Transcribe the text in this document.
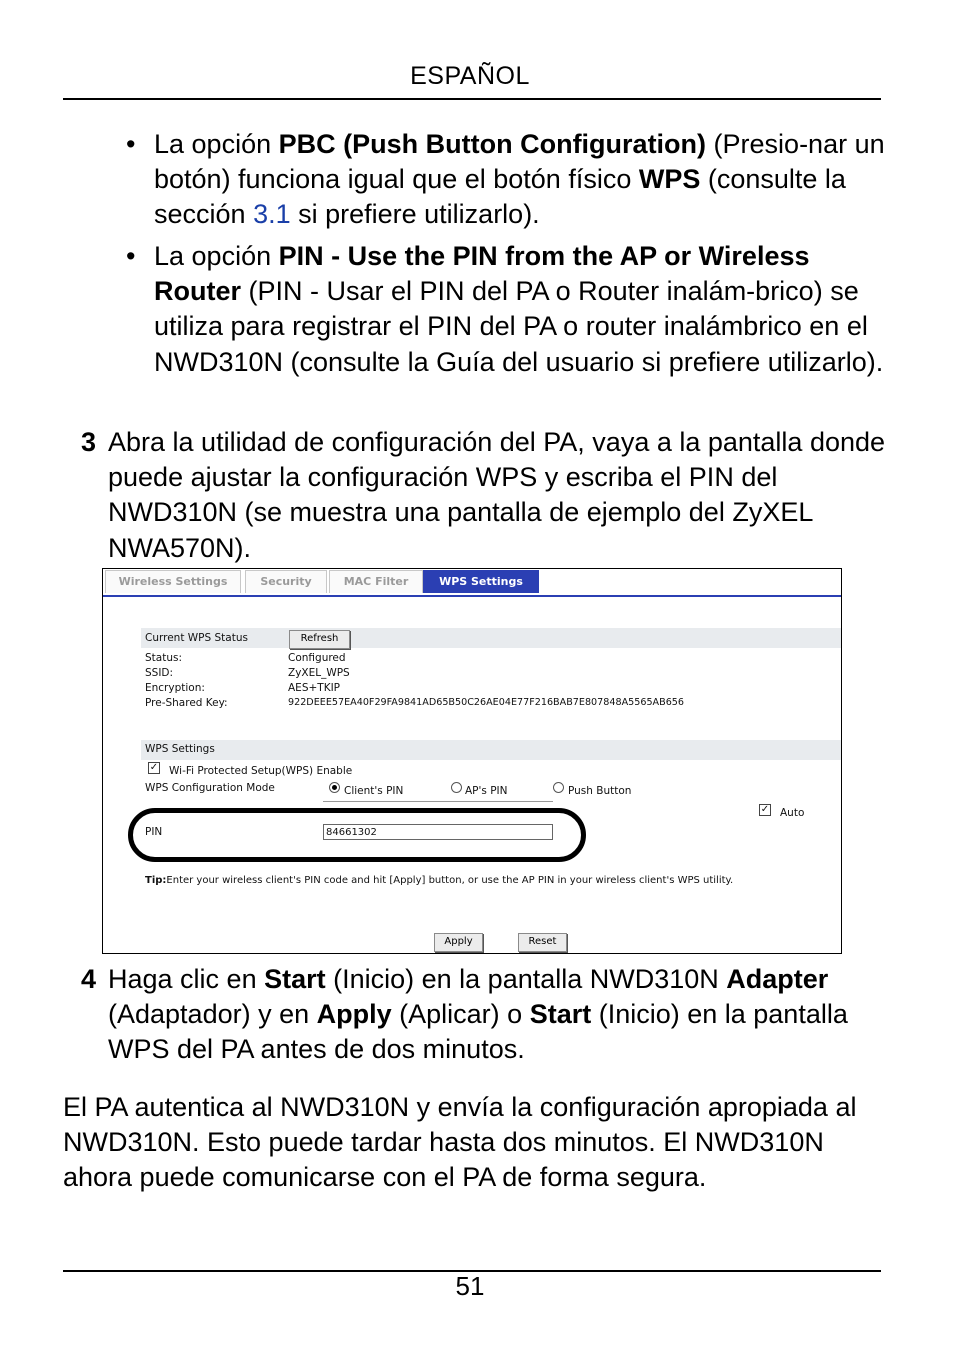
ESPAÑOL
• La opción PBC (Push Button Configuration) (Presio-nar un botón) funciona igual que el botón físico WPS (consulte la sección 3.1 si prefiere utilizarlo).
• La opción PIN - Use the PIN from the AP or Wireless Router (PIN - Usar el PIN del PA o Router inalám-brico) se utiliza para registrar el PIN del PA o router inalámbrico en el NWD310N (consulte la Guía del usuario si prefiere utilizarlo).
3 Abra la utilidad de configuración del PA, vaya a la pantalla donde puede ajustar la configuración WPS y escriba el PIN del NWD310N (se muestra una pantalla de ejemplo del ZyXEL NWA570N).
Wireless Settings	Security	MAC Filter	WPS Settings
Current WPS Status	Refresh
Status:	Configured
SSID:	ZyXEL_WPS
Encryption:	AES+TKIP
Pre-Shared Key:	922DEEE57EA40F29FA9841AD65B50C26AE04E77F216BAB7E807848A5565AB656
WPS Settings
✓ Wi-Fi Protected Setup(WPS) Enable
WPS Configuration Mode	Client's PIN	AP's PIN	Push Button
✓ Auto
PIN	84661302
Tip:Enter your wireless client's PIN code and hit [Apply] button, or use the AP PIN in your wireless client's WPS utility.
Apply	Reset
4 Haga clic en Start (Inicio) en la pantalla NWD310N Adapter (Adaptador) y en Apply (Aplicar) o Start (Inicio) en la pantalla WPS del PA antes de dos minutos.
El PA autentica al NWD310N y envía la configuración apropiada al NWD310N. Esto puede tardar hasta dos minutos. El NWD310N ahora puede comunicarse con el PA de forma segura.
51
